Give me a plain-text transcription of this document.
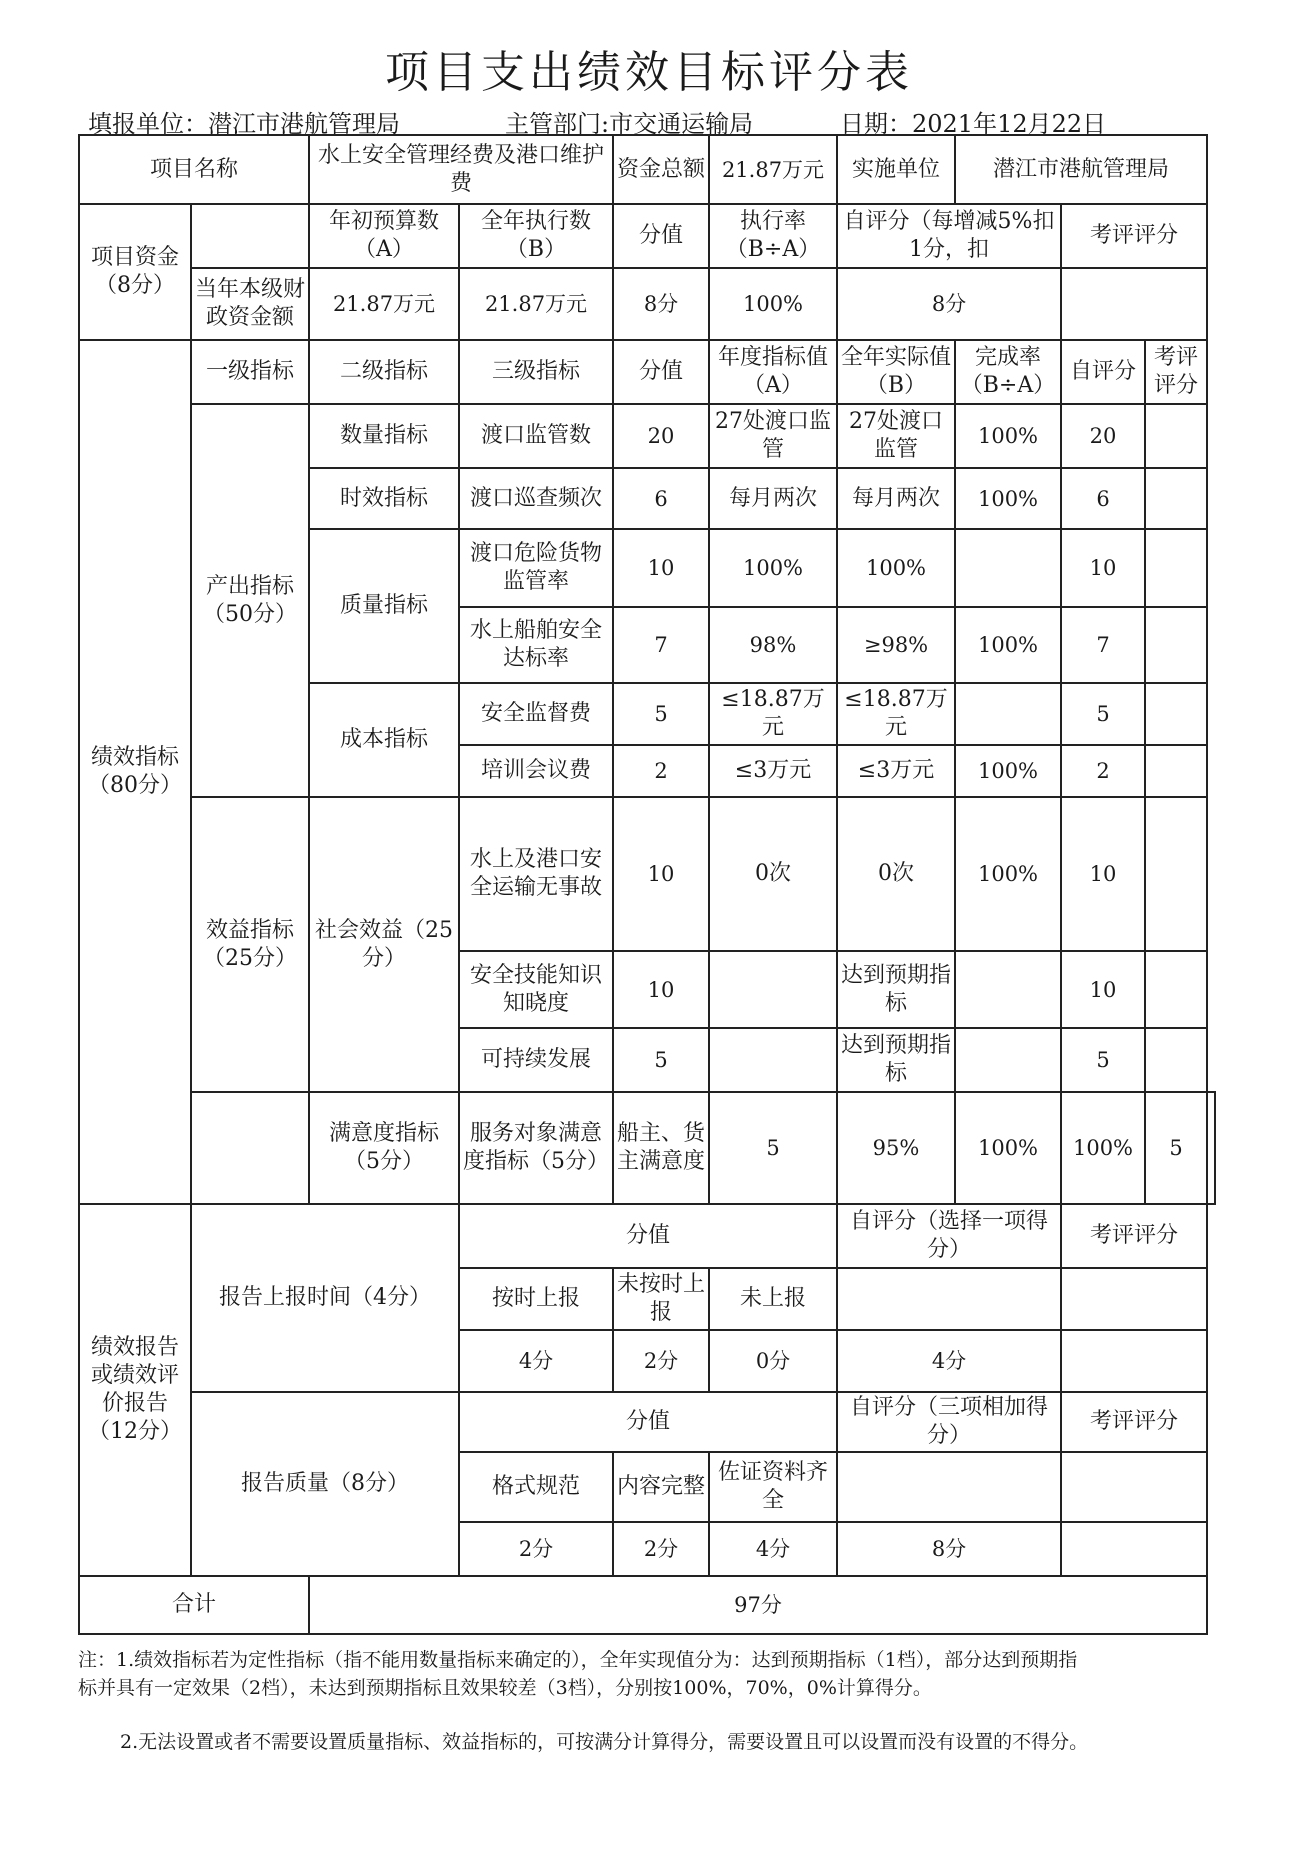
项目支出绩效目标评分表
填报单位：潜江市港航管理局	主管部门:市交通运输局	日期：2021年12月22日
项目名称		水上安全管理经费及港口维护费		资金总额	21.87万元	实施单位	潜江市港航管理局			
项目资金（8分）		年初预算数（A）	全年执行数（B）	分值	执行率（B÷A）	自评分（每增减5%扣1分，扣		考评评分		
	当年本级财政资金额	21.87万元	21.87万元	8分	100%	8分				
绩效指标（80分）	一级指标	二级指标	三级指标	分值	年度指标值（A）	全年实际值（B）	完成率（B÷A）	自评分	考评评分	
	产出指标（50分）	数量指标	渡口监管数	20	27处渡口监管	27处渡口监管	100%	20		
		时效指标	渡口巡查频次	6	每月两次	每月两次	100%	6		
		质量指标	渡口危险货物监管率	10	100%	100%		10		
			水上船舶安全达标率	7	98%	≥98%	100%	7		
		成本指标	安全监督费	5	≤18.87万元	≤18.87万元		5		
			培训会议费	2	≤3万元	≤3万元	100%	2		
	效益指标（25分）	社会效益（25分）	水上及港口安全运输无事故	10	0次	0次	100%	10		
			安全技能知识知晓度	10		达到预期指标		10		
			可持续发展	5		达到预期指标		5		
		满意度指标（5分）	服务对象满意度指标（5分）	船主、货主满意度	5	95%	100%	100%	5	
绩效报告或绩效评价报告（12分）	报告上报时间（4分）		分值			自评分（选择一项得分）		考评评分		
			按时上报	未按时上报	未上报					
			4分	2分	0分	4分				
	报告质量（8分）		分值			自评分（三项相加得分）		考评评分		
			格式规范	内容完整	佐证资料齐全					
			2分	2分	4分	8分				
合计		97分								
注：1.绩效指标若为定性指标（指不能用数量指标来确定的），全年实现值分为：达到预期指标（1档），部分达到预期指
标并具有一定效果（2档），未达到预期指标且效果较差（3档），分别按100%，70%，0%计算得分。
2.无法设置或者不需要设置质量指标、效益指标的，可按满分计算得分，需要设置且可以设置而没有设置的不得分。
